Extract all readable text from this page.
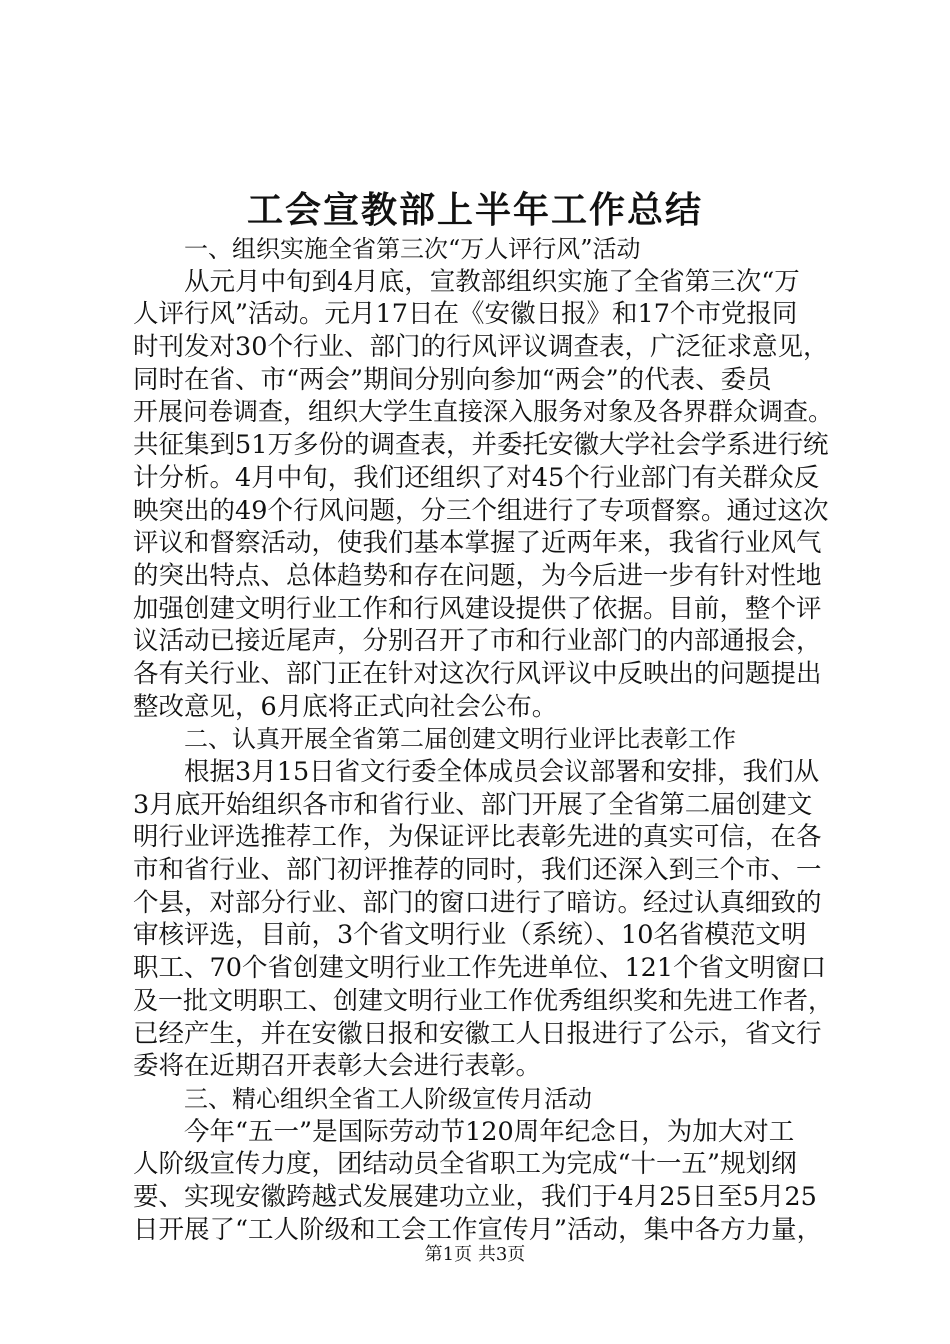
工会宣教部上半年工作总结
一、组织实施全省第三次“万人评行风”活动
从元月中旬到4月底，宣教部组织实施了全省第三次“万
人评行风”活动。元月17日在《安徽日报》和17个市党报同
时刊发对30个行业、部门的行风评议调查表，广泛征求意见，
同时在省、市“两会”期间分别向参加“两会”的代表、委员
开展问卷调查，组织大学生直接深入服务对象及各界群众调查。
共征集到51万多份的调查表，并委托安徽大学社会学系进行统
计分析。4月中旬，我们还组织了对45个行业部门有关群众反
映突出的49个行风问题，分三个组进行了专项督察。通过这次
评议和督察活动，使我们基本掌握了近两年来，我省行业风气
的突出特点、总体趋势和存在问题，为今后进一步有针对性地
加强创建文明行业工作和行风建设提供了依据。目前，整个评
议活动已接近尾声，分别召开了市和行业部门的内部通报会，
各有关行业、部门正在针对这次行风评议中反映出的问题提出
整改意见，6月底将正式向社会公布。
二、认真开展全省第二届创建文明行业评比表彰工作
根据3月15日省文行委全体成员会议部署和安排，我们从
3月底开始组织各市和省行业、部门开展了全省第二届创建文
明行业评选推荐工作，为保证评比表彰先进的真实可信，在各
市和省行业、部门初评推荐的同时，我们还深入到三个市、一
个县，对部分行业、部门的窗口进行了暗访。经过认真细致的
审核评选，目前，3个省文明行业（系统）、10名省模范文明
职工、70个省创建文明行业工作先进单位、121个省文明窗口
及一批文明职工、创建文明行业工作优秀组织奖和先进工作者，
已经产生，并在安徽日报和安徽工人日报进行了公示，省文行
委将在近期召开表彰大会进行表彰。
三、精心组织全省工人阶级宣传月活动
今年“五一”是国际劳动节120周年纪念日，为加大对工
人阶级宣传力度，团结动员全省职工为完成“十一五”规划纲
要、实现安徽跨越式发展建功立业，我们于4月25日至5月25
日开展了“工人阶级和工会工作宣传月”活动，集中各方力量，
第1页 共3页
